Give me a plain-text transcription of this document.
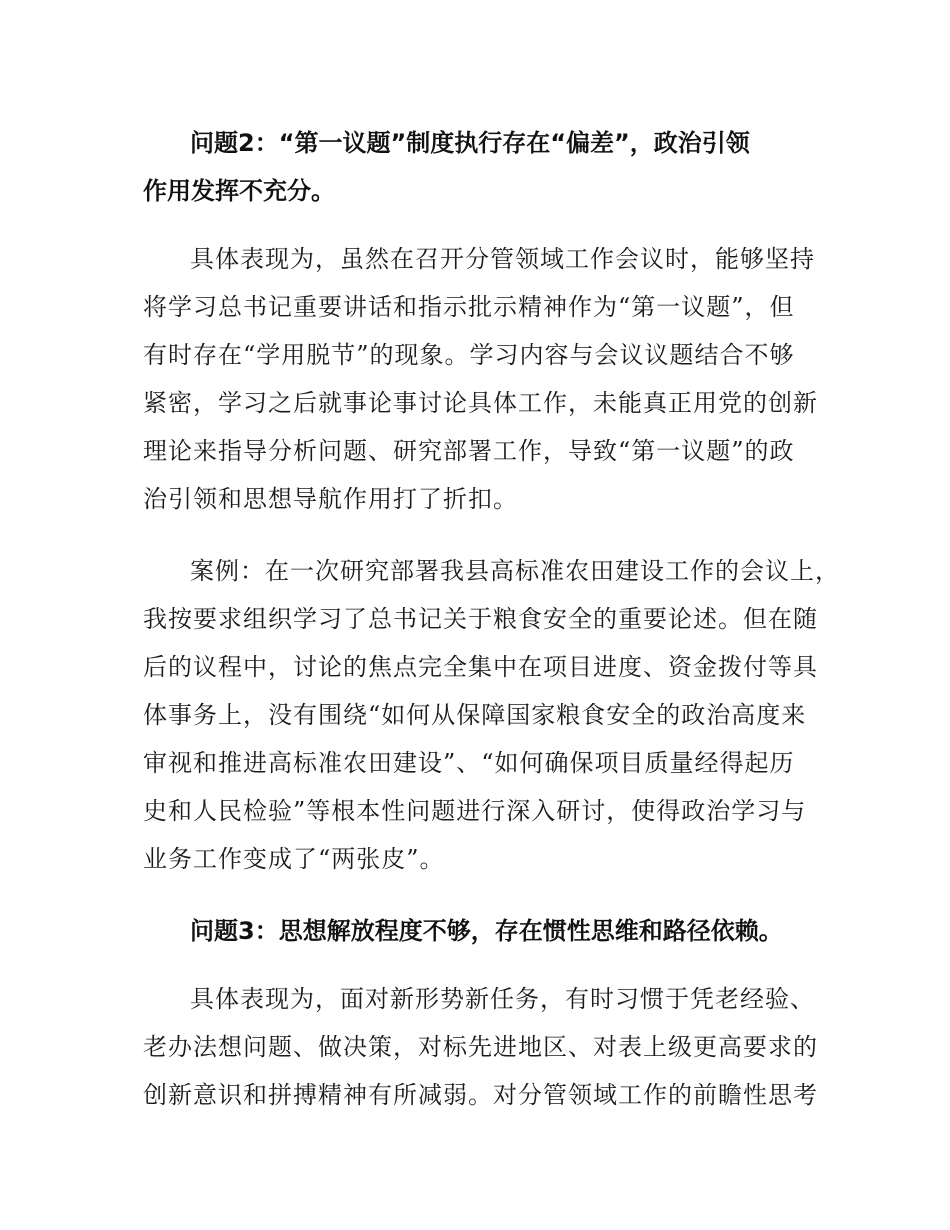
问题2：“第一议题”制度执行存在“偏差”，政治引领
作用发挥不充分。
具体表现为，虽然在召开分管领域工作会议时，能够坚持
将学习总书记重要讲话和指示批示精神作为“第一议题”，但
有时存在“学用脱节”的现象。学习内容与会议议题结合不够
紧密，学习之后就事论事讨论具体工作，未能真正用党的创新
理论来指导分析问题、研究部署工作，导致“第一议题”的政
治引领和思想导航作用打了折扣。
案例：在一次研究部署我县高标准农田建设工作的会议上，
我按要求组织学习了总书记关于粮食安全的重要论述。但在随
后的议程中，讨论的焦点完全集中在项目进度、资金拨付等具
体事务上，没有围绕“如何从保障国家粮食安全的政治高度来
审视和推进高标准农田建设”、“如何确保项目质量经得起历
史和人民检验”等根本性问题进行深入研讨，使得政治学习与
业务工作变成了“两张皮”。
问题3：思想解放程度不够，存在惯性思维和路径依赖。
具体表现为，面对新形势新任务，有时习惯于凭老经验、
老办法想问题、做决策，对标先进地区、对表上级更高要求的
创新意识和拼搏精神有所减弱。对分管领域工作的前瞻性思考
